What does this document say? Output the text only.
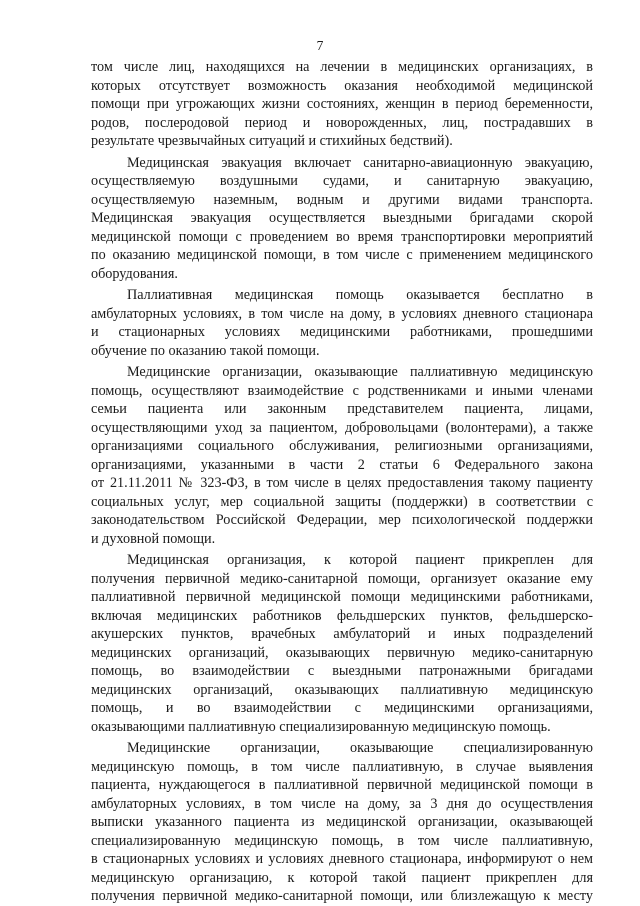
7
том числе лиц, находящихся на лечении в медицинских организациях, в
которых отсутствует возможность оказания необходимой медицинской
помощи при угрожающих жизни состояниях, женщин в период беременности,
родов, послеродовой период и новорожденных, лиц, пострадавших в
результате чрезвычайных ситуаций и стихийных бедствий).
Медицинская эвакуация включает санитарно-авиационную эвакуацию,
осуществляемую воздушными судами, и санитарную эвакуацию,
осуществляемую наземным, водным и другими видами транспорта.
Медицинская эвакуация осуществляется выездными бригадами скорой
медицинской помощи с проведением во время транспортировки мероприятий
по оказанию медицинской помощи, в том числе с применением медицинского
оборудования.
Паллиативная медицинская помощь оказывается бесплатно в
амбулаторных условиях, в том числе на дому, в условиях дневного стационара
и стационарных условиях медицинскими работниками, прошедшими
обучение по оказанию такой помощи.
Медицинские организации, оказывающие паллиативную медицинскую
помощь, осуществляют взаимодействие с родственниками и иными членами
семьи пациента или законным представителем пациента, лицами,
осуществляющими уход за пациентом, добровольцами (волонтерами), а также
организациями социального обслуживания, религиозными организациями,
организациями, указанными в части 2 статьи 6 Федерального закона
от 21.11.2011 № 323-ФЗ, в том числе в целях предоставления такому пациенту
социальных услуг, мер социальной защиты (поддержки) в соответствии с
законодательством Российской Федерации, мер психологической поддержки
и духовной помощи.
Медицинская организация, к которой пациент прикреплен для
получения первичной медико-санитарной помощи, организует оказание ему
паллиативной первичной медицинской помощи медицинскими работниками,
включая медицинских работников фельдшерских пунктов, фельдшерско-
акушерских пунктов, врачебных амбулаторий и иных подразделений
медицинских организаций, оказывающих первичную медико-санитарную
помощь, во взаимодействии с выездными патронажными бригадами
медицинских организаций, оказывающих паллиативную медицинскую
помощь, и во взаимодействии с медицинскими организациями,
оказывающими паллиативную специализированную медицинскую помощь.
Медицинские организации, оказывающие специализированную
медицинскую помощь, в том числе паллиативную, в случае выявления
пациента, нуждающегося в паллиативной первичной медицинской помощи в
амбулаторных условиях, в том числе на дому, за 3 дня до осуществления
выписки указанного пациента из медицинской организации, оказывающей
специализированную медицинскую помощь, в том числе паллиативную,
в стационарных условиях и условиях дневного стационара, информируют о нем
медицинскую организацию, к которой такой пациент прикреплен для
получения первичной медико-санитарной помощи, или близлежащую к месту
